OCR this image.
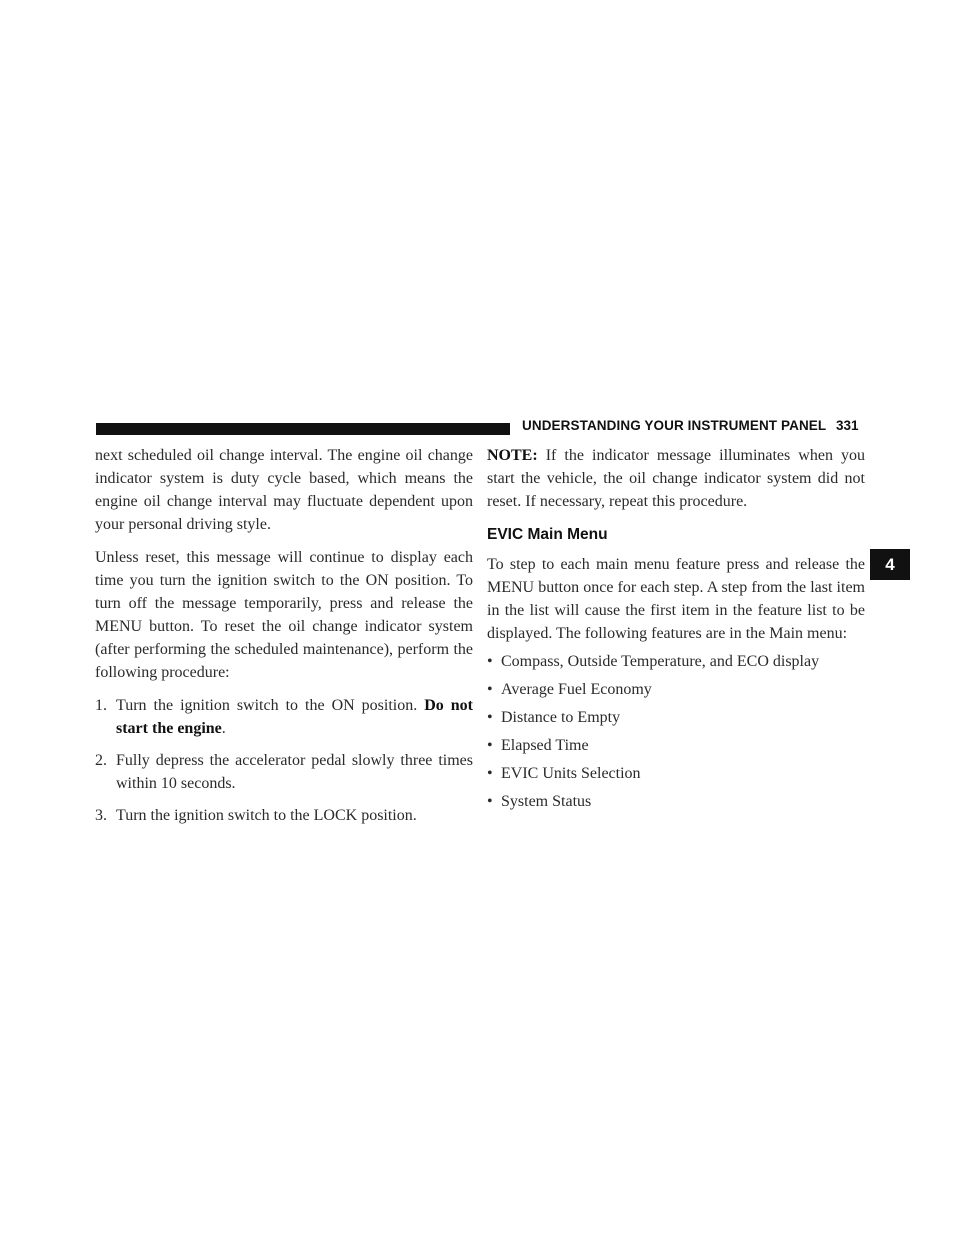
UNDERSTANDING YOUR INSTRUMENT PANEL 331
4

next scheduled oil change interval. The engine oil change indicator system is duty cycle based, which means the engine oil change interval may fluctuate dependent upon your personal driving style.

Unless reset, this message will continue to display each time you turn the ignition switch to the ON position. To turn off the message temporarily, press and release the MENU button. To reset the oil change indicator system (after performing the scheduled maintenance), perform the following procedure:

1. Turn the ignition switch to the ON position. Do not start the engine.

2. Fully depress the accelerator pedal slowly three times within 10 seconds.

3. Turn the ignition switch to the LOCK position.

NOTE: If the indicator message illuminates when you start the vehicle, the oil change indicator system did not reset. If necessary, repeat this procedure.

EVIC Main Menu

To step to each main menu feature press and release the MENU button once for each step. A step from the last item in the list will cause the first item in the feature list to be displayed. The following features are in the Main menu:

• Compass, Outside Temperature, and ECO display
• Average Fuel Economy
• Distance to Empty
• Elapsed Time
• EVIC Units Selection
• System Status
